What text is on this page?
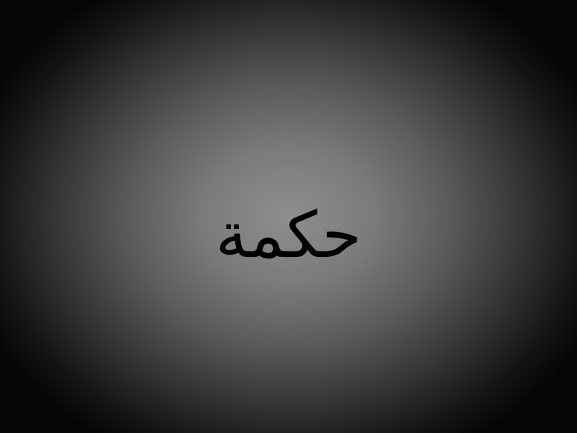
حكمة
